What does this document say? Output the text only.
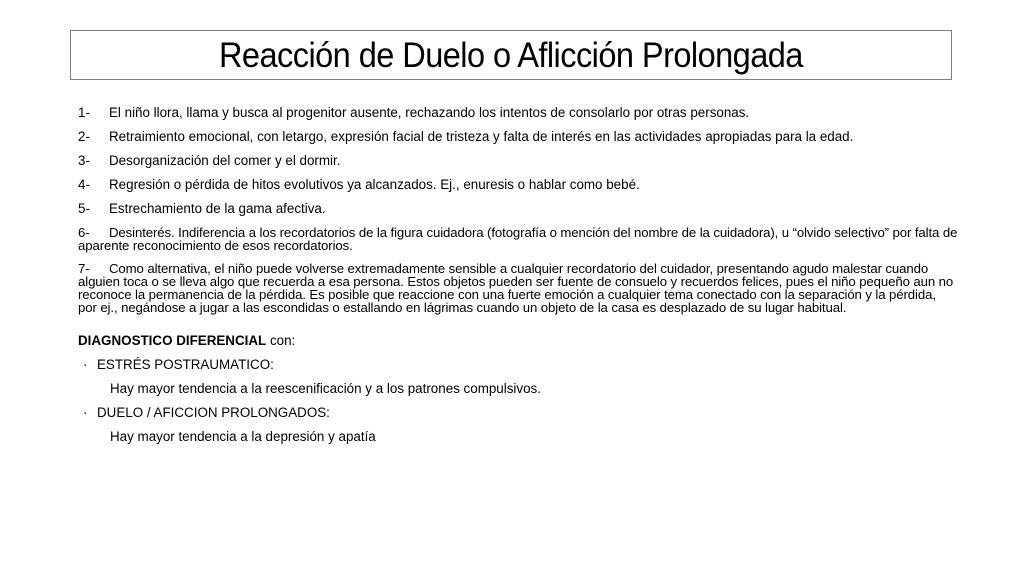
Reacción de Duelo o Aflicción Prolongada
1-	El niño llora, llama y busca al progenitor ausente, rechazando los intentos de consolarlo por otras personas.
2-	Retraimiento emocional, con letargo, expresión facial de tristeza y falta de interés en las actividades apropiadas para la edad.
3-	Desorganización del comer y el dormir.
4-	Regresión o pérdida de hitos evolutivos ya alcanzados. Ej., enuresis o hablar como bebé.
5-	Estrechamiento de la gama afectiva.
6- Desinterés. Indiferencia a los recordatorios de la figura cuidadora (fotografía o mención del nombre de la cuidadora), u “olvido selectivo” por falta de aparente reconocimiento de esos recordatorios.
7- Como alternativa, el niño puede volverse extremadamente sensible a cualquier recordatorio del cuidador, presentando agudo malestar cuando alguien toca o se lleva algo que recuerda a esa persona. Estos objetos pueden ser fuente de consuelo y recuerdos felices, pues el niño pequeño aun no reconoce la permanencia de la pérdida. Es posible que reaccione con una fuerte emoción a cualquier tema conectado con la separación y la pérdida, por ej., negándose a jugar a las escondidas o estallando en lágrimas cuando un objeto de la casa es desplazado de su lugar habitual.
DIAGNOSTICO DIFERENCIAL con:
· ESTRÉS POSTRAUMATICO:
Hay mayor tendencia a la reescenificación y a los patrones compulsivos.
· DUELO / AFICCION PROLONGADOS:
Hay mayor tendencia a la depresión y apatía
